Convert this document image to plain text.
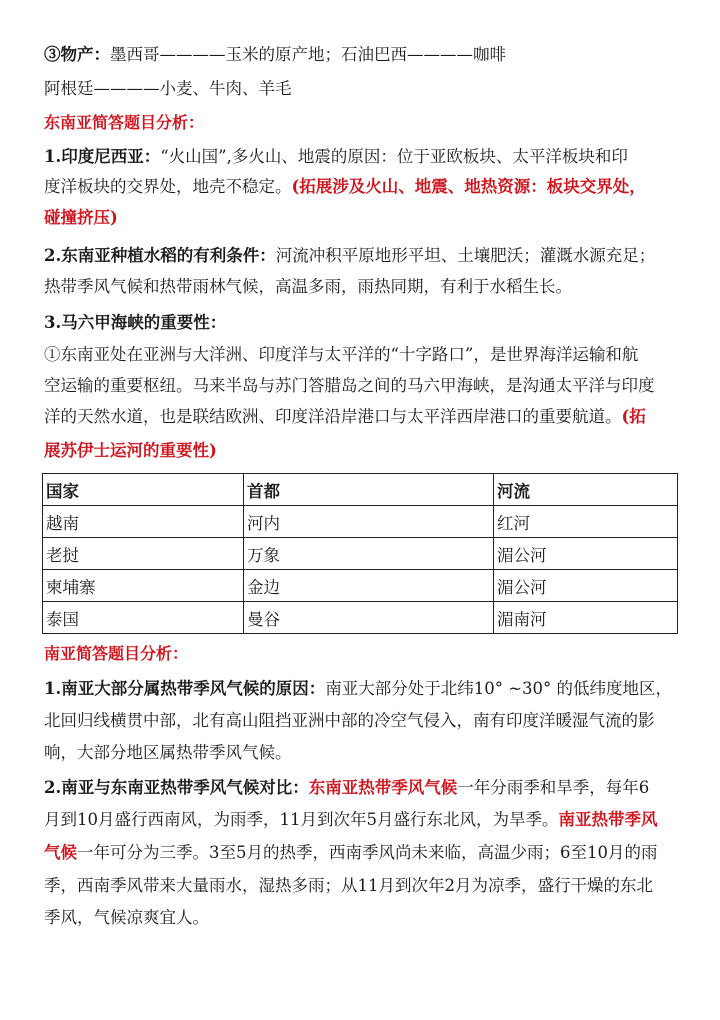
③物产：墨西哥————玉米的原产地；石油巴西————咖啡
阿根廷————小麦、牛肉、羊毛
东南亚简答题目分析：
1.印度尼西亚：“火山国”,多火山、地震的原因：位于亚欧板块、太平洋板块和印
度洋板块的交界处，地壳不稳定。(拓展涉及火山、地震、地热资源：板块交界处，
碰撞挤压)
2.东南亚种植水稻的有利条件：河流冲积平原地形平坦、土壤肥沃；灌溉水源充足；
热带季风气候和热带雨林气候，高温多雨，雨热同期，有利于水稻生长。
3.马六甲海峡的重要性：
①东南亚处在亚洲与大洋洲、印度洋与太平洋的“十字路口”，是世界海洋运输和航
空运输的重要枢纽。马来半岛与苏门答腊岛之间的马六甲海峡，是沟通太平洋与印度
洋的天然水道，也是联结欧洲、印度洋沿岸港口与太平洋西岸港口的重要航道。(拓
展苏伊士运河的重要性)
国家	首都	河流
越南	河内	红河
老挝	万象	湄公河
柬埔寨	金边	湄公河
泰国	曼谷	湄南河
南亚简答题目分析：
1.南亚大部分属热带季风气候的原因：南亚大部分处于北纬10° ~30° 的低纬度地区，
北回归线横贯中部，北有高山阻挡亚洲中部的冷空气侵入，南有印度洋暖湿气流的影
响，大部分地区属热带季风气候。
2.南亚与东南亚热带季风气候对比：东南亚热带季风气候一年分雨季和旱季，每年6
月到10月盛行西南风，为雨季，11月到次年5月盛行东北风，为旱季。南亚热带季风
气候一年可分为三季。3至5月的热季，西南季风尚未来临，高温少雨；6至10月的雨
季，西南季风带来大量雨水，湿热多雨；从11月到次年2月为凉季，盛行干燥的东北
季风，气候凉爽宜人。
